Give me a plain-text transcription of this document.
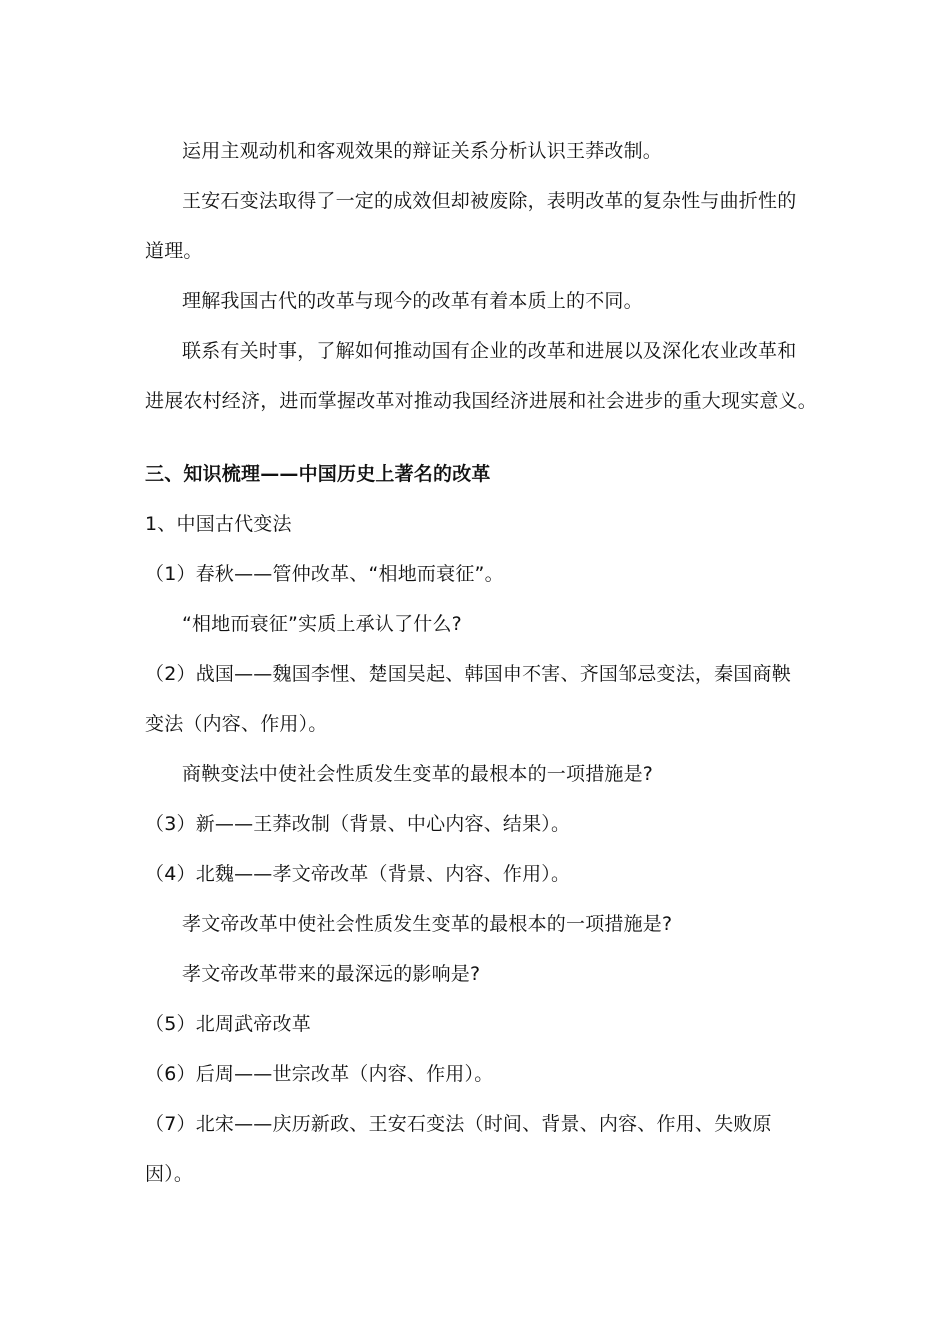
运用主观动机和客观效果的辩证关系分析认识王莽改制。
王安石变法取得了一定的成效但却被废除，表明改革的复杂性与曲折性的
道理。
理解我国古代的改革与现今的改革有着本质上的不同。
联系有关时事，了解如何推动国有企业的改革和进展以及深化农业改革和
进展农村经济，进而掌握改革对推动我国经济进展和社会进步的重大现实意义。
三、知识梳理——中国历史上著名的改革
1、中国古代变法
（1）春秋——管仲改革、“相地而衰征”。
“相地而衰征”实质上承认了什么?
（2）战国——魏国李悝、楚国吴起、韩国申不害、齐国邹忌变法，秦国商鞅
变法（内容、作用）。
商鞅变法中使社会性质发生变革的最根本的一项措施是?
（3）新——王莽改制（背景、中心内容、结果）。
（4）北魏——孝文帝改革（背景、内容、作用）。
孝文帝改革中使社会性质发生变革的最根本的一项措施是?
孝文帝改革带来的最深远的影响是?
（5）北周武帝改革
（6）后周——世宗改革（内容、作用）。
（7）北宋——庆历新政、王安石变法（时间、背景、内容、作用、失败原
因）。
